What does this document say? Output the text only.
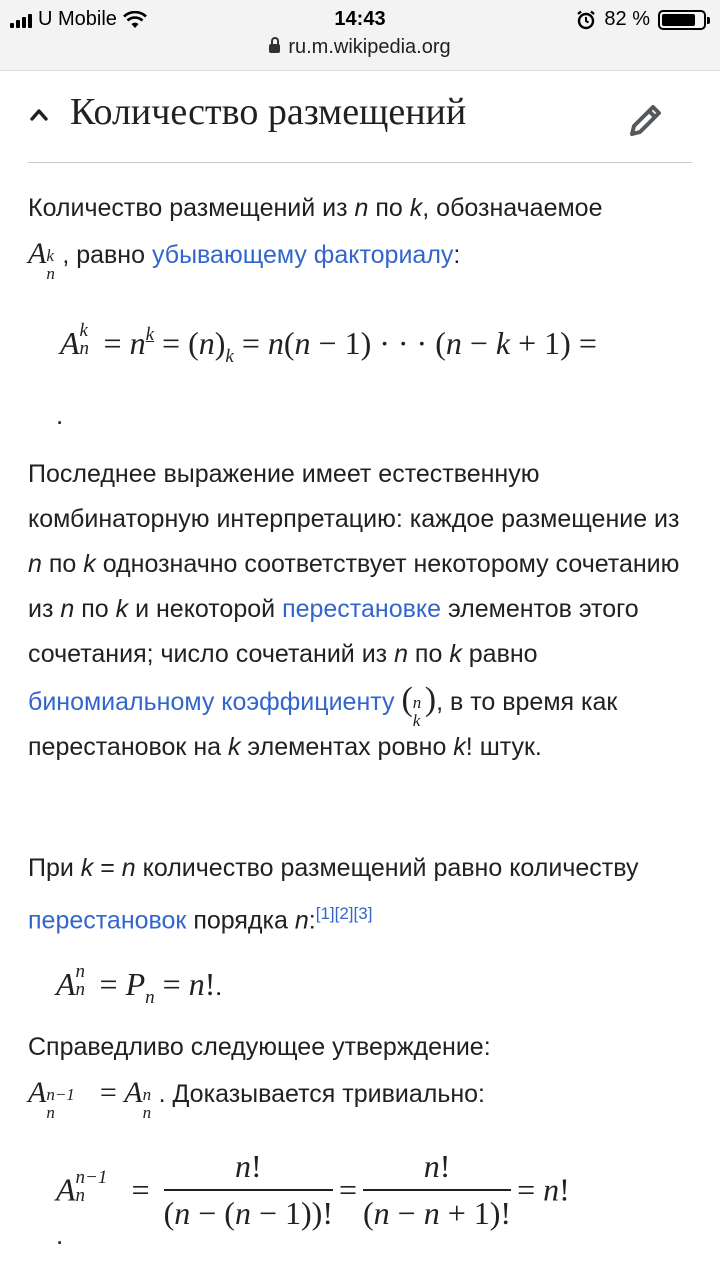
U Mobile	14:43	82 %
ru.m.wikipedia.org
Количество размещений

Количество размещений из n по k, обозначаемое
A k
n
, равно убывающему факториалу:

A k
$n = n^k = (n)_k = n(n - 1)$ · · · (n − k + 1) =
.

Последнее выражение имеет естественную комбинаторную интерпретацию: каждое размещение из n по k однозначно соответствует некоторому сочетанию из n по k и некоторой перестановке элементов этого сочетания; число сочетаний из n по k равно биномиальному коэффициенту ( n
k
), в то время как перестановок на k элементах ровно k! штук.

При k = n количество размещений равно количеству перестановок порядка n:[1][2][3]

A n
$n = P_n = n$!.

Справедливо следующее утверждение:
A n−1
n
= A n
n
. Доказывается тривиально:

A n−1
$n = \frac{n!}{(n - (n - 1))!} = \frac{n!}{(n - n + 1)!} = n$!
.
